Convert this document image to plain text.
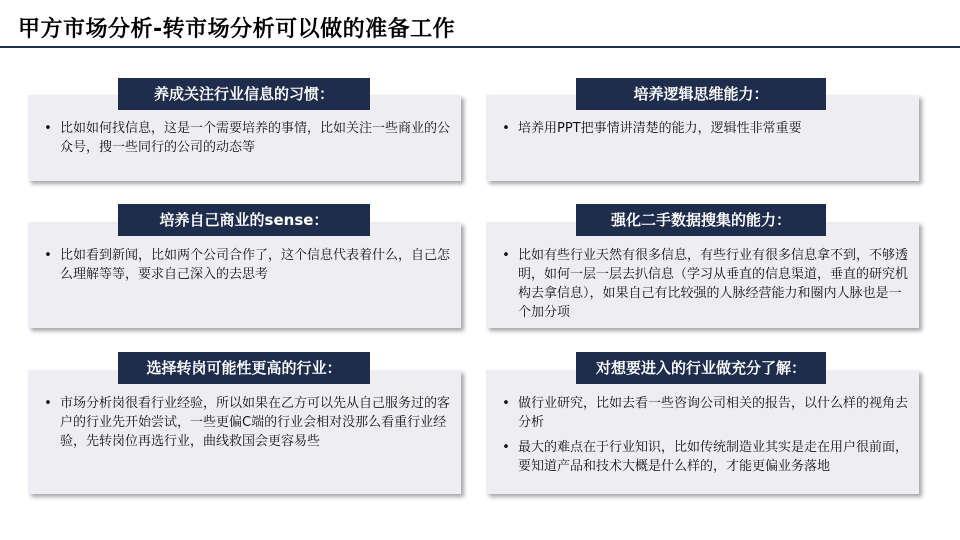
甲方市场分析-转市场分析可以做的准备工作
养成关注行业信息的习惯：
• 比如如何找信息，这是一个需要培养的事情，比如关注一些商业的公众号，搜一些同行的公司的动态等
培养逻辑思维能力：
• 培养用PPT把事情讲清楚的能力，逻辑性非常重要
培养自己商业的sense：
• 比如看到新闻，比如两个公司合作了，这个信息代表着什么，自己怎么理解等等，要求自己深入的去思考
强化二手数据搜集的能力：
• 比如有些行业天然有很多信息，有些行业有很多信息拿不到，不够透明，如何一层一层去扒信息（学习从垂直的信息渠道，垂直的研究机构去拿信息），如果自己有比较强的人脉经营能力和圈内人脉也是一个加分项
选择转岗可能性更高的行业：
• 市场分析岗很看行业经验，所以如果在乙方可以先从自己服务过的客户的行业先开始尝试，一些更偏C端的行业会相对没那么看重行业经验，先转岗位再选行业，曲线救国会更容易些
对想要进入的行业做充分了解：
• 做行业研究，比如去看一些咨询公司相关的报告，以什么样的视角去分析
• 最大的难点在于行业知识，比如传统制造业其实是走在用户很前面，要知道产品和技术大概是什么样的，才能更偏业务落地
